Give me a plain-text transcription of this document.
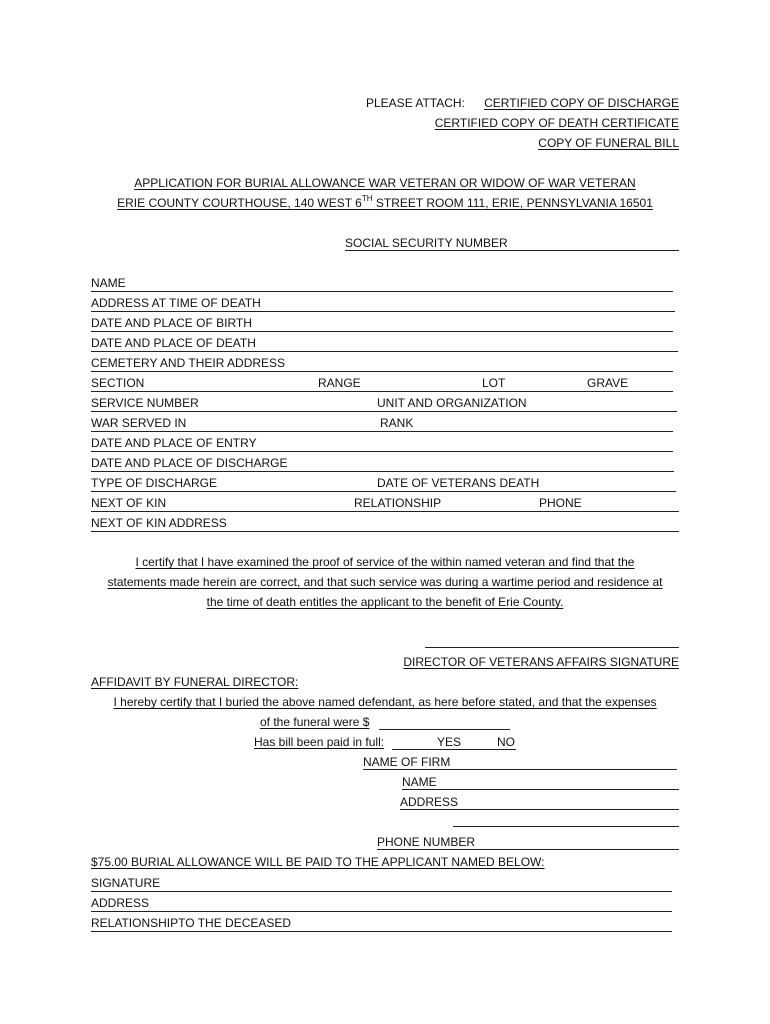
PLEASE ATTACH: CERTIFIED COPY OF DISCHARGE
CERTIFIED COPY OF DEATH CERTIFICATE
COPY OF FUNERAL BILL
APPLICATION FOR BURIAL ALLOWANCE WAR VETERAN OR WIDOW OF WAR VETERAN
ERIE COUNTY COURTHOUSE, 140 WEST 6TH STREET ROOM 111, ERIE, PENNSYLVANIA 16501
SOCIAL SECURITY NUMBER
NAME
ADDRESS AT TIME OF DEATH
DATE AND PLACE OF BIRTH
DATE AND PLACE OF DEATH
CEMETERY AND THEIR ADDRESS
SECTION	RANGE	LOT	GRAVE
SERVICE NUMBER	UNIT AND ORGANIZATION
WAR SERVED IN	RANK
DATE AND PLACE OF ENTRY
DATE AND PLACE OF DISCHARGE
TYPE OF DISCHARGE	DATE OF VETERANS DEATH
NEXT OF KIN	RELATIONSHIP	PHONE
NEXT OF KIN ADDRESS
I certify that I have examined the proof of service of the within named veteran and find that the
statements made herein are correct, and that such service was during a wartime period and residence at
the time of death entitles the applicant to the benefit of Erie County.
DIRECTOR OF VETERANS AFFAIRS SIGNATURE
AFFIDAVIT BY FUNERAL DIRECTOR:
I hereby certify that I buried the above named defendant, as here before stated, and that the expenses
of the funeral were $
Has bill been paid in full:	YES	NO
NAME OF FIRM
NAME
ADDRESS
PHONE NUMBER
$75.00 BURIAL ALLOWANCE WILL BE PAID TO THE APPLICANT NAMED BELOW:
SIGNATURE
ADDRESS
RELATIONSHIPTO THE DECEASED
